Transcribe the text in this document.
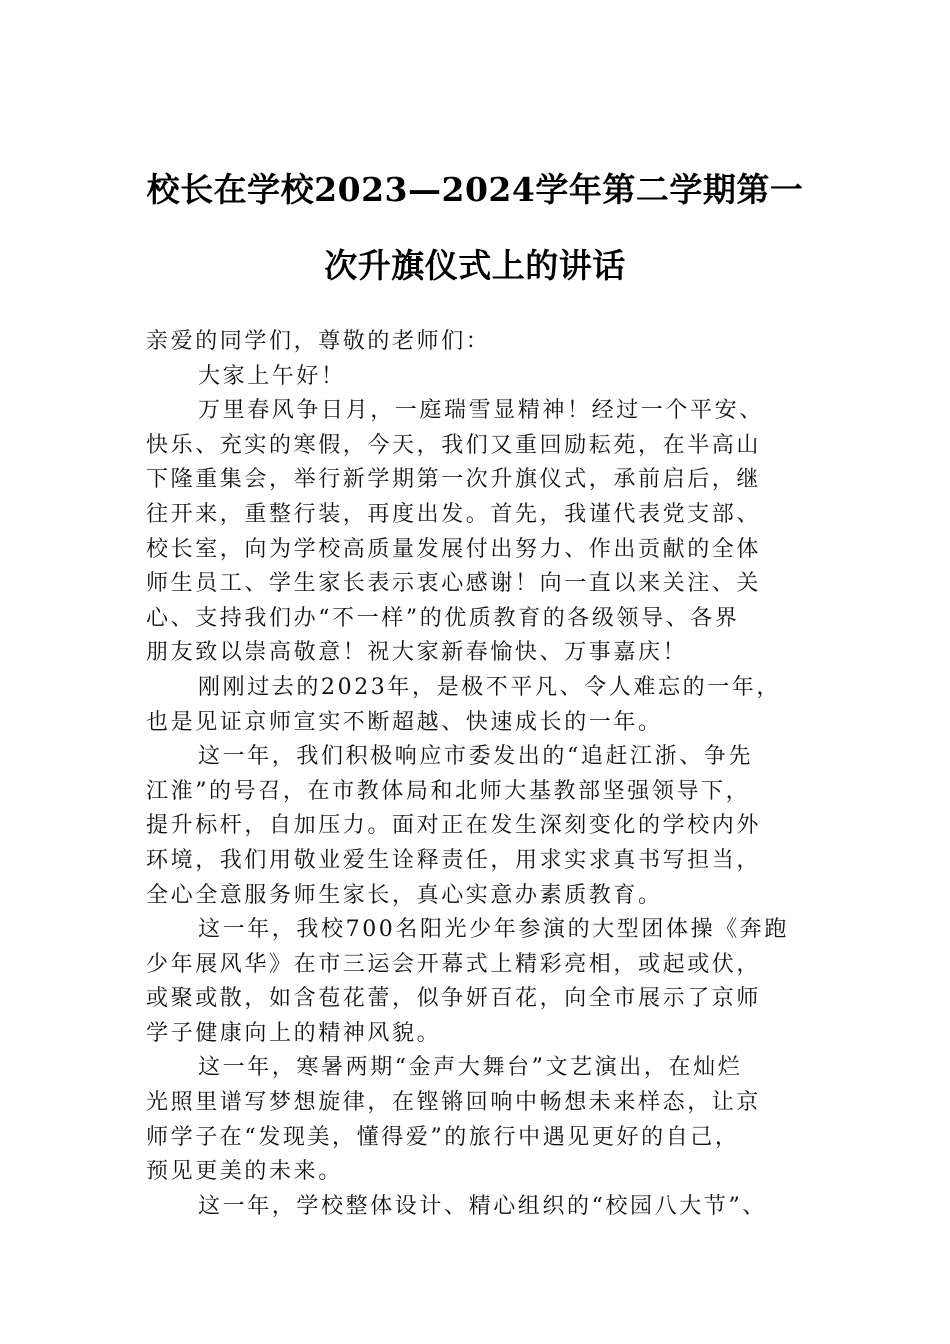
校长在学校2023—2024学年第二学期第一
次升旗仪式上的讲话
亲爱的同学们，尊敬的老师们：
大家上午好！
万里春风争日月，一庭瑞雪显精神！经过一个平安、
快乐、充实的寒假，今天，我们又重回励耘苑，在半高山
下隆重集会，举行新学期第一次升旗仪式，承前启后，继
往开来，重整行装，再度出发。首先，我谨代表党支部、
校长室，向为学校高质量发展付出努力、作出贡献的全体
师生员工、学生家长表示衷心感谢！向一直以来关注、关
心、支持我们办“不一样”的优质教育的各级领导、各界
朋友致以崇高敬意！祝大家新春愉快、万事嘉庆！
刚刚过去的2023年，是极不平凡、令人难忘的一年，
也是见证京师宣实不断超越、快速成长的一年。
这一年，我们积极响应市委发出的“追赶江浙、争先
江淮”的号召，在市教体局和北师大基教部坚强领导下，
提升标杆，自加压力。面对正在发生深刻变化的学校内外
环境，我们用敬业爱生诠释责任，用求实求真书写担当，
全心全意服务师生家长，真心实意办素质教育。
这一年，我校700名阳光少年参演的大型团体操《奔跑
少年展风华》在市三运会开幕式上精彩亮相，或起或伏，
或聚或散，如含苞花蕾，似争妍百花，向全市展示了京师
学子健康向上的精神风貌。
这一年，寒暑两期“金声大舞台”文艺演出，在灿烂
光照里谱写梦想旋律，在铿锵回响中畅想未来样态，让京
师学子在“发现美，懂得爱”的旅行中遇见更好的自己，
预见更美的未来。
这一年，学校整体设计、精心组织的“校园八大节”、
